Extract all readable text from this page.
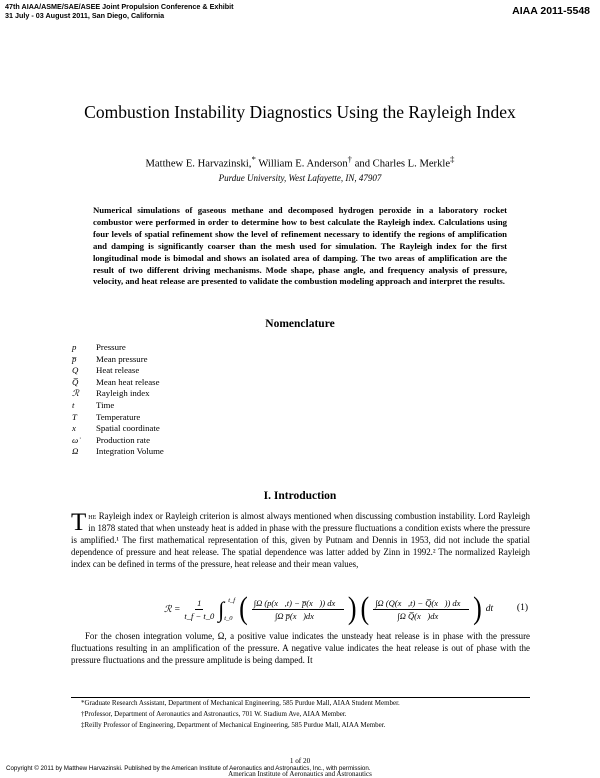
47th AIAA/ASME/SAE/ASEE Joint Propulsion Conference & Exhibit
31 July - 03 August 2011, San Diego, California	AIAA 2011-5548
Combustion Instability Diagnostics Using the Rayleigh Index
Matthew E. Harvazinski,* William E. Anderson† and Charles L. Merkle‡
Purdue University, West Lafayette, IN, 47907
Numerical simulations of gaseous methane and decomposed hydrogen peroxide in a laboratory rocket combustor were performed in order to determine how to best calculate the Rayleigh index. Calculations using four levels of spatial refinement show the level of refinement necessary to identify the regions of amplification and damping is significantly coarser than the mesh used for simulation. The Rayleigh index for the first longitudinal mode is bimodal and shows an isolated area of damping. The two areas of amplification are the result of two different driving mechanisms. Mode shape, phase angle, and frequency analysis of pressure, velocity, and heat release are presented to validate the combustion modeling approach and interpret the results.
Nomenclature
p	Pressure
p̅	Mean pressure
Q	Heat release
Q̅	Mean heat release
ℛ	Rayleigh index
t	Time
T	Temperature
x⃗	Spatial coordinate
ω̇	Production rate
Ω	Integration Volume
I. Introduction
The Rayleigh index or Rayleigh criterion is almost always mentioned when discussing combustion instability. Lord Rayleigh in 1878 stated that when unsteady heat is added in phase with the pressure fluctuations a condition exists where the pressure is amplified.¹ The first mathematical representation of this, given by Putnam and Dennis in 1953, did not include the spatial dependence of pressure and heat release. The spatial dependence was latter added by Zinn in 1992.² The normalized Rayleigh index can be defined in terms of the pressure, heat release and their mean values,
ℛ = $\frac{1}{t\_f - t\_0}$ t_f
∫ t_0 ( $\frac{\int\Omega (p(x⃗,t) - p̅(x⃗)) dx⃗}{\text{∫Ω p̅(x⃗)dx⃗}}$ ) ( $\frac{\int\Omega (Q(x⃗,t) - Q̅(x⃗)) dx⃗}{\text{∫Ω Q̅(x⃗)dx⃗}}$ ) dt	(1)
For the chosen integration volume, Ω, a positive value indicates the unsteady heat release is in phase with the pressure fluctuations resulting in an amplification of the pressure. A negative value indicates the heat release is out of phase with the pressure fluctuations and the pressure amplitude is being damped. It
*Graduate Research Assistant, Department of Mechanical Engineering, 585 Purdue Mall, AIAA Student Member.
†Professor, Department of Aeronautics and Astronautics, 701 W. Stadium Ave, AIAA Member.
‡Reilly Professor of Engineering, Department of Mechanical Engineering, 585 Purdue Mall, AIAA Member.
1 of 20
Copyright © 2011 by Matthew Harvazinski. Published by the American Institute of Aeronautics and Astronautics, Inc., with permission.
American Institute of Aeronautics and Astronautics
